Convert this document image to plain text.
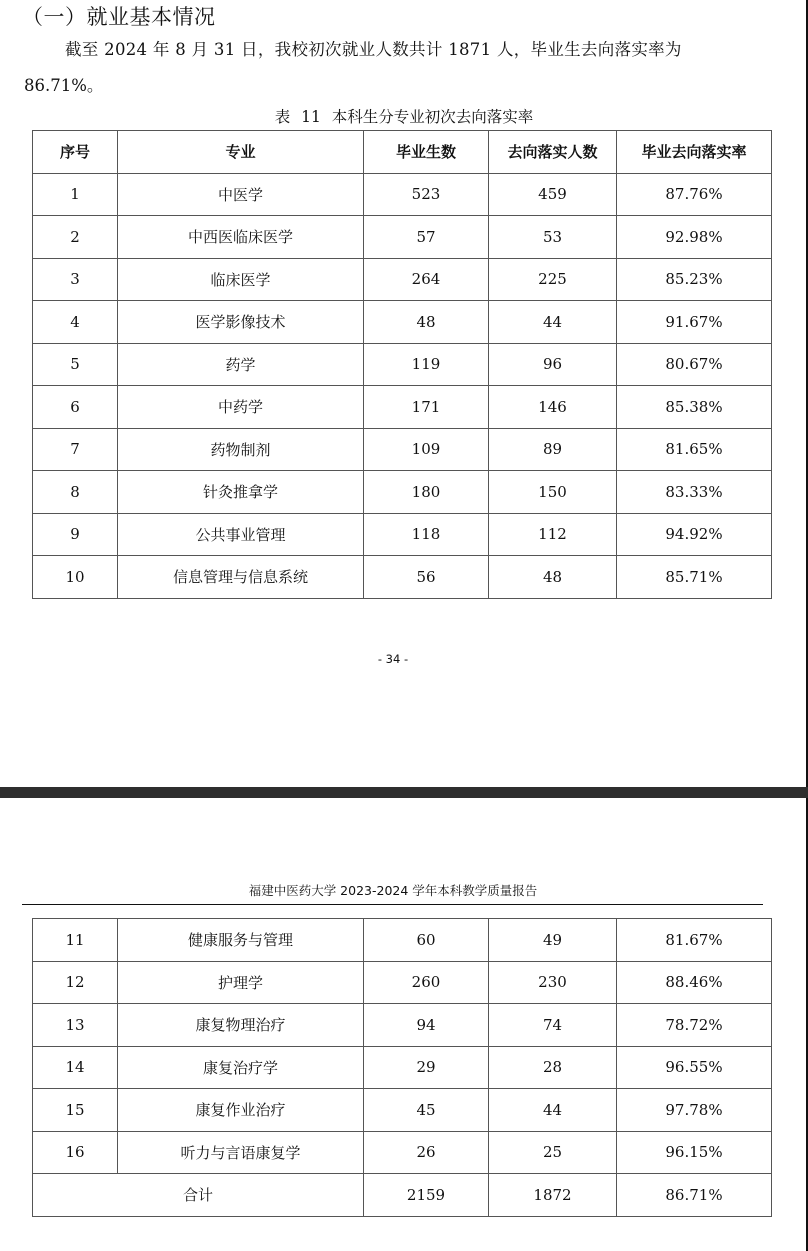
（一）就业基本情况
截至 2024 年 8 月 31 日，我校初次就业人数共计 1871 人，毕业生去向落实率为
86.71%。
表 11 本科生分专业初次去向落实率
序号	专业	毕业生数	去向落实人数	毕业去向落实率
1	中医学	523	459	87.76%
2	中西医临床医学	57	53	92.98%
3	临床医学	264	225	85.23%
4	医学影像技术	48	44	91.67%
5	药学	119	96	80.67%
6	中药学	171	146	85.38%
7	药物制剂	109	89	81.65%
8	针灸推拿学	180	150	83.33%
9	公共事业管理	118	112	94.92%
10	信息管理与信息系统	56	48	85.71%
- 34 -
福建中医药大学 2023-2024 学年本科教学质量报告
11	健康服务与管理	60	49	81.67%
12	护理学	260	230	88.46%
13	康复物理治疗	94	74	78.72%
14	康复治疗学	29	28	96.55%
15	康复作业治疗	45	44	97.78%
16	听力与言语康复学	26	25	96.15%
合计		2159	1872	86.71%
